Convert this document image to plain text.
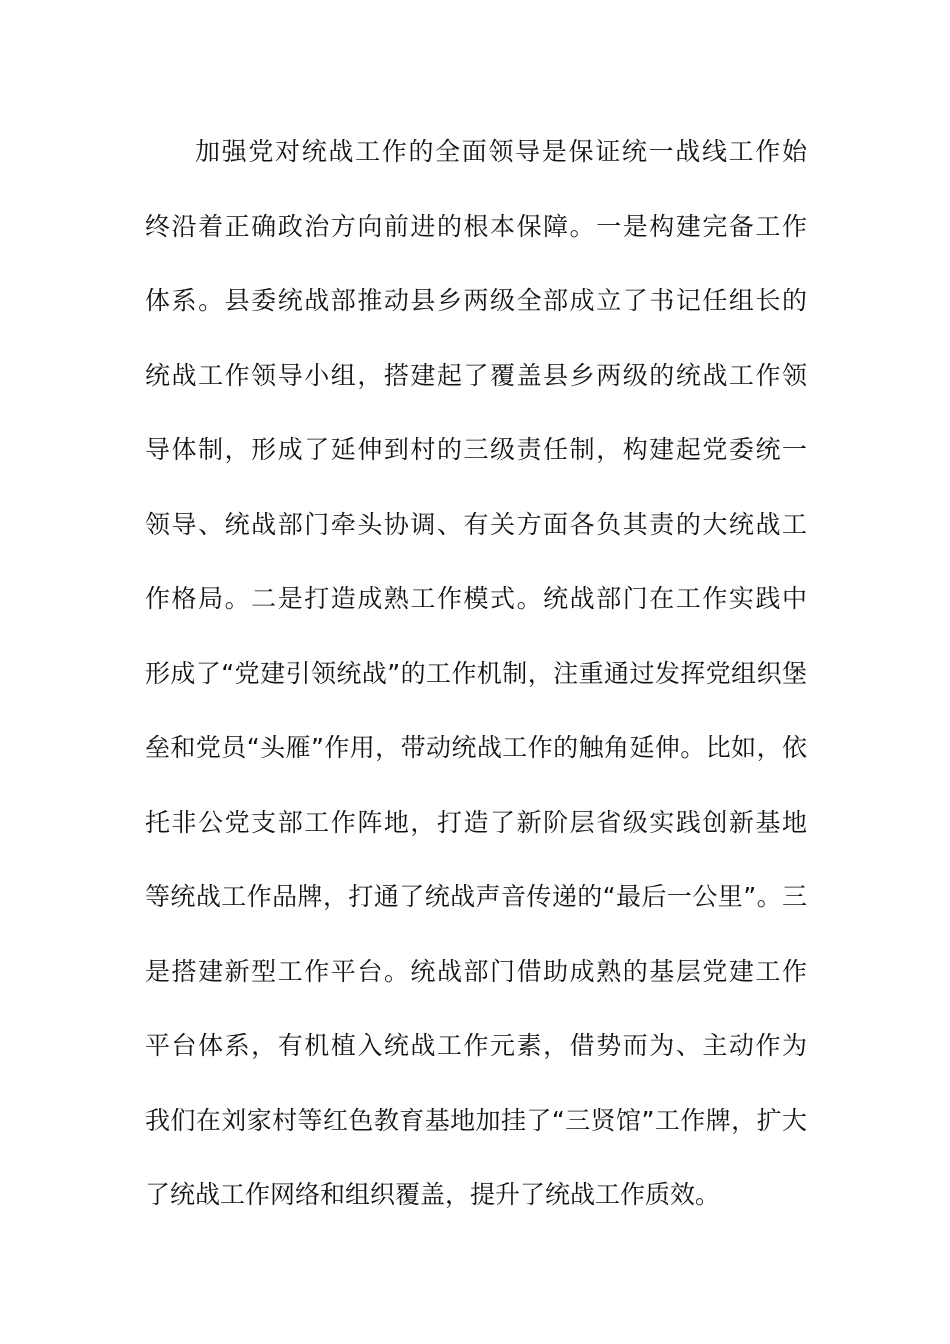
加强党对统战工作的全面领导是保证统一战线工作始
终沿着正确政治方向前进的根本保障。一是构建完备工作
体系。县委统战部推动县乡两级全部成立了书记任组长的
统战工作领导小组，搭建起了覆盖县乡两级的统战工作领
导体制，形成了延伸到村的三级责任制，构建起党委统一
领导、统战部门牵头协调、有关方面各负其责的大统战工
作格局。二是打造成熟工作模式。统战部门在工作实践中
形成了“党建引领统战”的工作机制，注重通过发挥党组织堡
垒和党员“头雁”作用，带动统战工作的触角延伸。比如，依
托非公党支部工作阵地，打造了新阶层省级实践创新基地
等统战工作品牌，打通了统战声音传递的“最后一公里”。三
是搭建新型工作平台。统战部门借助成熟的基层党建工作
平台体系，有机植入统战工作元素，借势而为、主动作为
我们在刘家村等红色教育基地加挂了“三贤馆”工作牌，扩大
了统战工作网络和组织覆盖，提升了统战工作质效。
